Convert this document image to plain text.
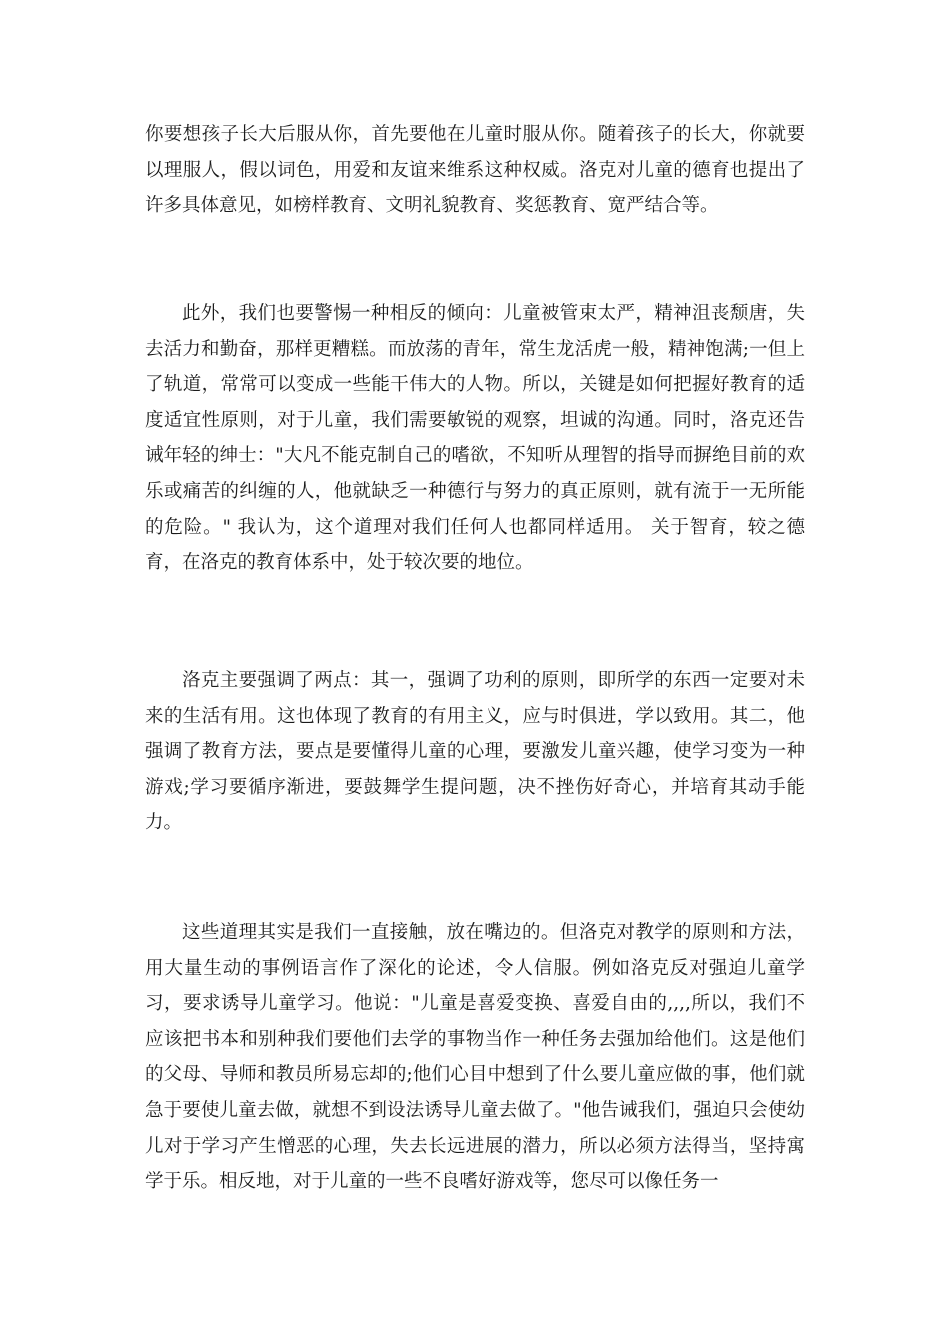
你要想孩子长大后服从你，首先要他在儿童时服从你。随着孩子的长大，你就要以理服人，假以词色，用爱和友谊来维系这种权威。洛克对儿童的德育也提出了许多具体意见，如榜样教育、文明礼貌教育、奖惩教育、宽严结合等。

此外，我们也要警惕一种相反的倾向：儿童被管束太严，精神沮丧颓唐，失去活力和勤奋，那样更糟糕。而放荡的青年，常生龙活虎一般，精神饱满;一但上了轨道，常常可以变成一些能干伟大的人物。所以，关键是如何把握好教育的适度适宜性原则，对于儿童，我们需要敏锐的观察，坦诚的沟通。同时，洛克还告诫年轻的绅士："大凡不能克制自己的嗜欲，不知听从理智的指导而摒绝目前的欢乐或痛苦的纠缠的人，他就缺乏一种德行与努力的真正原则，就有流于一无所能的危险。" 我认为，这个道理对我们任何人也都同样适用。 关于智育，较之德育，在洛克的教育体系中，处于较次要的地位。

洛克主要强调了两点：其一，强调了功利的原则，即所学的东西一定要对未来的生活有用。这也体现了教育的有用主义，应与时俱进，学以致用。其二，他强调了教育方法，要点是要懂得儿童的心理，要激发儿童兴趣，使学习变为一种游戏;学习要循序渐进，要鼓舞学生提问题，决不挫伤好奇心，并培育其动手能力。

这些道理其实是我们一直接触，放在嘴边的。但洛克对教学的原则和方法，用大量生动的事例语言作了深化的论述，令人信服。例如洛克反对强迫儿童学习，要求诱导儿童学习。他说："儿童是喜爱变换、喜爱自由的,,,,所以，我们不应该把书本和别种我们要他们去学的事物当作一种任务去强加给他们。这是他们的父母、导师和教员所易忘却的;他们心目中想到了什么要儿童应做的事，他们就急于要使儿童去做，就想不到设法诱导儿童去做了。"他告诫我们，强迫只会使幼儿对于学习产生憎恶的心理，失去长远进展的潜力，所以必须方法得当，坚持寓学于乐。相反地，对于儿童的一些不良嗜好游戏等，您尽可以像任务一
